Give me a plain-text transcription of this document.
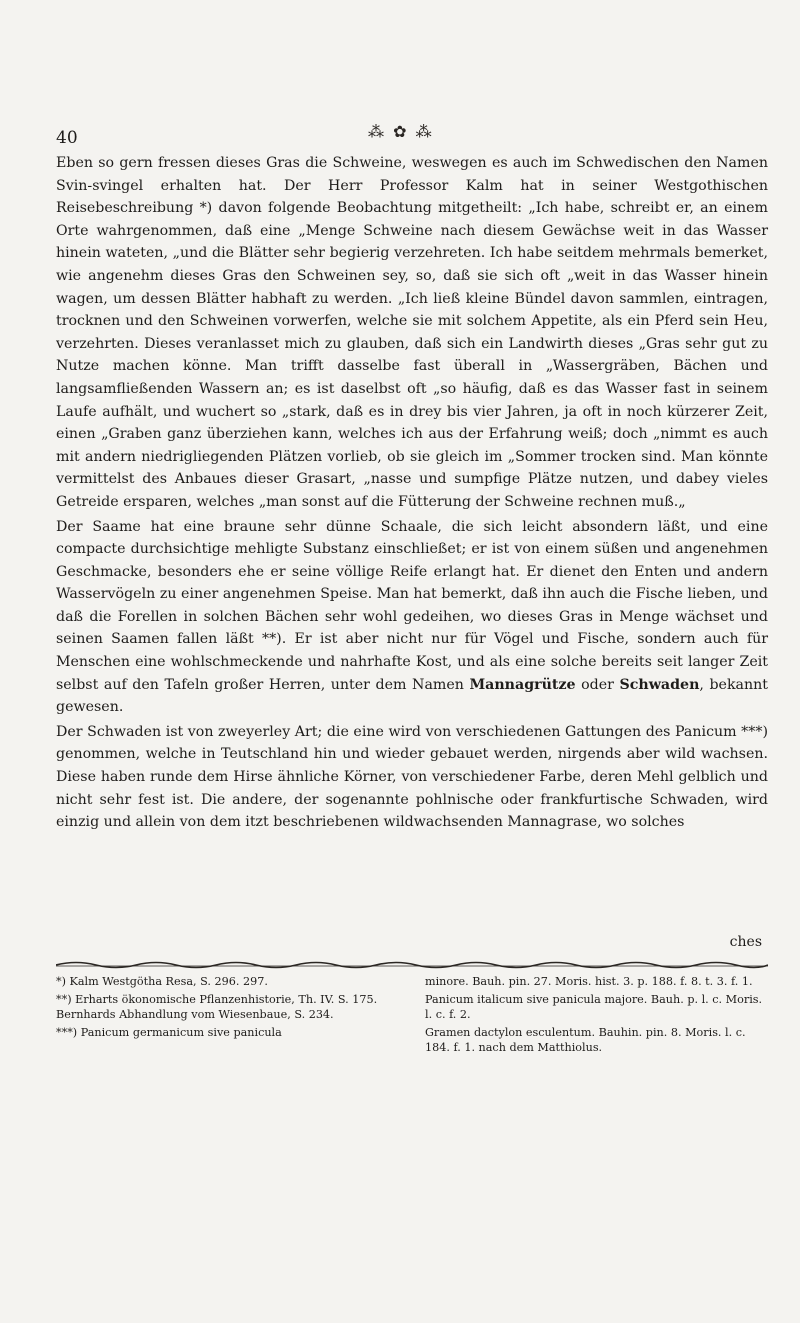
40	⁂ ✿ ⁂

Eben so gern fressen dieses Gras die Schweine, weswegen es auch im Schwedischen den Namen Svin-svingel erhalten hat. Der Herr Professor Kalm hat in seiner Westgothischen Reisebeschreibung *) davon folgende Beobachtung mitgetheilt: „Ich habe, schreibt er, an einem Orte wahrgenommen, daß eine „Menge Schweine nach diesem Gewächse weit in das Wasser hinein wateten, „und die Blätter sehr begierig verzehreten. Ich habe seitdem mehrmals bemerket, wie angenehm dieses Gras den Schweinen sey, so, daß sie sich oft „weit in das Wasser hinein wagen, um dessen Blätter habhaft zu werden. „Ich ließ kleine Bündel davon sammlen, eintragen, trocknen und den Schweinen vorwerfen, welche sie mit solchem Appetite, als ein Pferd sein Heu, verzehrten. Dieses veranlasset mich zu glauben, daß sich ein Landwirth dieses „Gras sehr gut zu Nutze machen könne. Man trifft dasselbe fast überall in „Wassergräben, Bächen und langsamfließenden Wassern an; es ist daselbst oft „so häufig, daß es das Wasser fast in seinem Laufe aufhält, und wuchert so „stark, daß es in drey bis vier Jahren, ja oft in noch kürzerer Zeit, einen „Graben ganz überziehen kann, welches ich aus der Erfahrung weiß; doch „nimmt es auch mit andern niedrigliegenden Plätzen vorlieb, ob sie gleich im „Sommer trocken sind. Man könnte vermittelst des Anbaues dieser Grasart, „nasse und sumpfige Plätze nutzen, und dabey vieles Getreide ersparen, welches „man sonst auf die Fütterung der Schweine rechnen muß.„

Der Saame hat eine braune sehr dünne Schaale, die sich leicht absondern läßt, und eine compacte durchsichtige mehligte Substanz einschließet; er ist von einem süßen und angenehmen Geschmacke, besonders ehe er seine völlige Reife erlangt hat. Er dienet den Enten und andern Wasservögeln zu einer angenehmen Speise. Man hat bemerkt, daß ihn auch die Fische lieben, und daß die Forellen in solchen Bächen sehr wohl gedeihen, wo dieses Gras in Menge wächset und seinen Saamen fallen läßt **). Er ist aber nicht nur für Vögel und Fische, sondern auch für Menschen eine wohlschmeckende und nahrhafte Kost, und als eine solche bereits seit langer Zeit selbst auf den Tafeln großer Herren, unter dem Namen Mannagrütze oder Schwaden, bekannt gewesen.

Der Schwaden ist von zweyerley Art; die eine wird von verschiedenen Gattungen des Panicum ***) genommen, welche in Teutschland hin und wieder gebauet werden, nirgends aber wild wachsen. Diese haben runde dem Hirse ähnliche Körner, von verschiedener Farbe, deren Mehl gelblich und nicht sehr fest ist. Die andere, der sogenannte pohlnische oder frankfurtische Schwaden, wird einzig und allein von dem itzt beschriebenen wildwachsenden Mannagrase, wo solches

ches

*) Kalm Westgötha Resa, S. 296. 297.

**) Erharts ökonomische Pflanzenhistorie, Th. IV. S. 175. Bernhards Abhandlung vom Wiesenbaue, S. 234.

***) Panicum germanicum sive panicula

minore. Bauh. pin. 27. Moris. hist. 3. p. 188. f. 8. t. 3. f. 1.

Panicum italicum sive panicula majore. Bauh. p. l. c. Moris. l. c. f. 2.

Gramen dactylon esculentum. Bauhin. pin. 8. Moris. l. c. 184. f. 1. nach dem Matthiolus.
